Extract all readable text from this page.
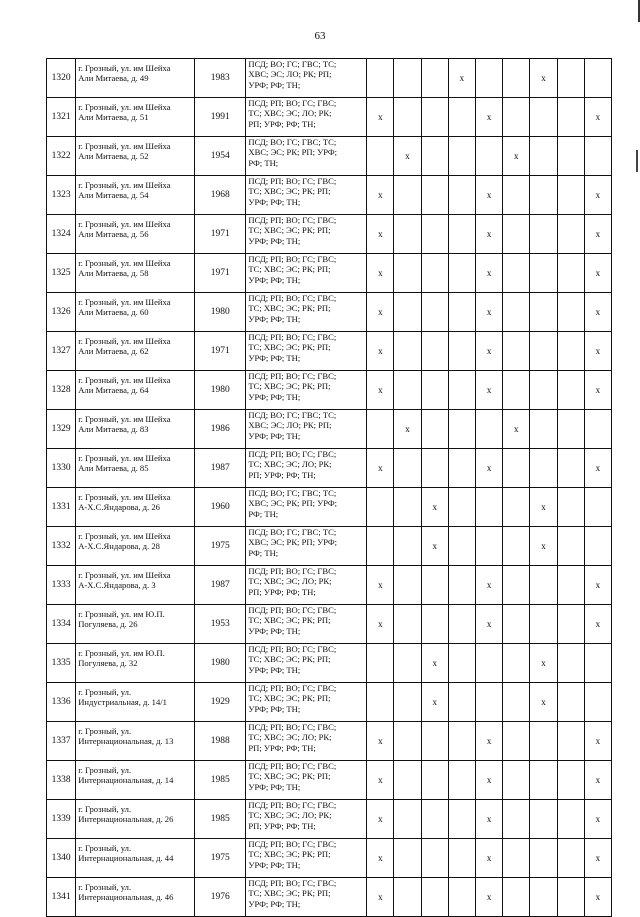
63
1320	г. Грозный, ул. им Шейха
Али Митаева, д. 49	1983	ПСД; ВО; ГС; ГВС; ТС;
ХВС; ЭС; ЛО; РК; РП;
УРФ; РФ; ТН;				x			x		
1321	г. Грозный, ул. им Шейха
Али Митаева, д. 51	1991	ПСД; РП; ВО; ГС; ГВС;
ТС; ХВС; ЭС; ЛО; РК;
РП; УРФ; РФ; ТН;	x				x				x
1322	г. Грозный, ул. им Шейха
Али Митаева, д. 52	1954	ПСД; ВО; ГС; ГВС; ТС;
ХВС; ЭС; РК; РП; УРФ;
РФ; ТН;		x				x			
1323	г. Грозный, ул. им Шейха
Али Митаева, д. 54	1968	ПСД; РП; ВО; ГС; ГВС;
ТС; ХВС; ЭС; РК; РП;
УРФ; РФ; ТН;	x				x				x
1324	г. Грозный, ул. им Шейха
Али Митаева, д. 56	1971	ПСД; РП; ВО; ГС; ГВС;
ТС; ХВС; ЭС; РК; РП;
УРФ; РФ; ТН;	x				x				x
1325	г. Грозный, ул. им Шейха
Али Митаева, д. 58	1971	ПСД; РП; ВО; ГС; ГВС;
ТС; ХВС; ЭС; РК; РП;
УРФ; РФ; ТН;	x				x				x
1326	г. Грозный, ул. им Шейха
Али Митаева, д. 60	1980	ПСД; РП; ВО; ГС; ГВС;
ТС; ХВС; ЭС; РК; РП;
УРФ; РФ; ТН;	x				x				x
1327	г. Грозный, ул. им Шейха
Али Митаева, д. 62	1971	ПСД; РП; ВО; ГС; ГВС;
ТС; ХВС; ЭС; РК; РП;
УРФ; РФ; ТН;	x				x				x
1328	г. Грозный, ул. им Шейха
Али Митаева, д. 64	1980	ПСД; РП; ВО; ГС; ГВС;
ТС; ХВС; ЭС; РК; РП;
УРФ; РФ; ТН;	x				x				x
1329	г. Грозный, ул. им Шейха
Али Митаева, д. 83	1986	ПСД; ВО; ГС; ГВС; ТС;
ХВС; ЭС; ЛО; РК; РП;
УРФ; РФ; ТН;		x				x			
1330	г. Грозный, ул. им Шейха
Али Митаева, д. 85	1987	ПСД; РП; ВО; ГС; ГВС;
ТС; ХВС; ЭС; ЛО; РК;
РП; УРФ; РФ; ТН;	x				x				x
1331	г. Грозный, ул. им Шейха
А-Х.С.Яндарова, д. 26	1960	ПСД; ВО; ГС; ГВС; ТС;
ХВС; ЭС; РК; РП; УРФ;
РФ; ТН;			x				x		
1332	г. Грозный, ул. им Шейха
А-Х.С.Яндарова, д. 28	1975	ПСД; ВО; ГС; ГВС; ТС;
ХВС; ЭС; РК; РП; УРФ;
РФ; ТН;			x				x		
1333	г. Грозный, ул. им Шейха
А-Х.С.Яндарова, д. 3	1987	ПСД; РП; ВО; ГС; ГВС;
ТС; ХВС; ЭС; ЛО; РК;
РП; УРФ; РФ; ТН;	x				x				x
1334	г. Грозный, ул. им Ю.П.
Погуляева, д. 26	1953	ПСД; РП; ВО; ГС; ГВС;
ТС; ХВС; ЭС; РК; РП;
УРФ; РФ; ТН;	x				x				x
1335	г. Грозный, ул. им Ю.П.
Погуляева, д. 32	1980	ПСД; РП; ВО; ГС; ГВС;
ТС; ХВС; ЭС; РК; РП;
УРФ; РФ; ТН;			x				x		
1336	г. Грозный, ул.
Индустриальная, д. 14/1	1929	ПСД; РП; ВО; ГС; ГВС;
ТС; ХВС; ЭС; РК; РП;
УРФ; РФ; ТН;			x				x		
1337	г. Грозный, ул.
Интернациональная, д. 13	1988	ПСД; РП; ВО; ГС; ГВС;
ТС; ХВС; ЭС; ЛО; РК;
РП; УРФ; РФ; ТН;	x				x				x
1338	г. Грозный, ул.
Интернациональная, д. 14	1985	ПСД; РП; ВО; ГС; ГВС;
ТС; ХВС; ЭС; РК; РП;
УРФ; РФ; ТН;	x				x				x
1339	г. Грозный, ул.
Интернациональная, д. 26	1985	ПСД; РП; ВО; ГС; ГВС;
ТС; ХВС; ЭС; ЛО; РК;
РП; УРФ; РФ; ТН;	x				x				x
1340	г. Грозный, ул.
Интернациональная, д. 44	1975	ПСД; РП; ВО; ГС; ГВС;
ТС; ХВС; ЭС; РК; РП;
УРФ; РФ; ТН;	x				x				x
1341	г. Грозный, ул.
Интернациональная, д. 46	1976	ПСД; РП; ВО; ГС; ГВС;
ТС; ХВС; ЭС; РК; РП;
УРФ; РФ; ТН;	x				x				x
